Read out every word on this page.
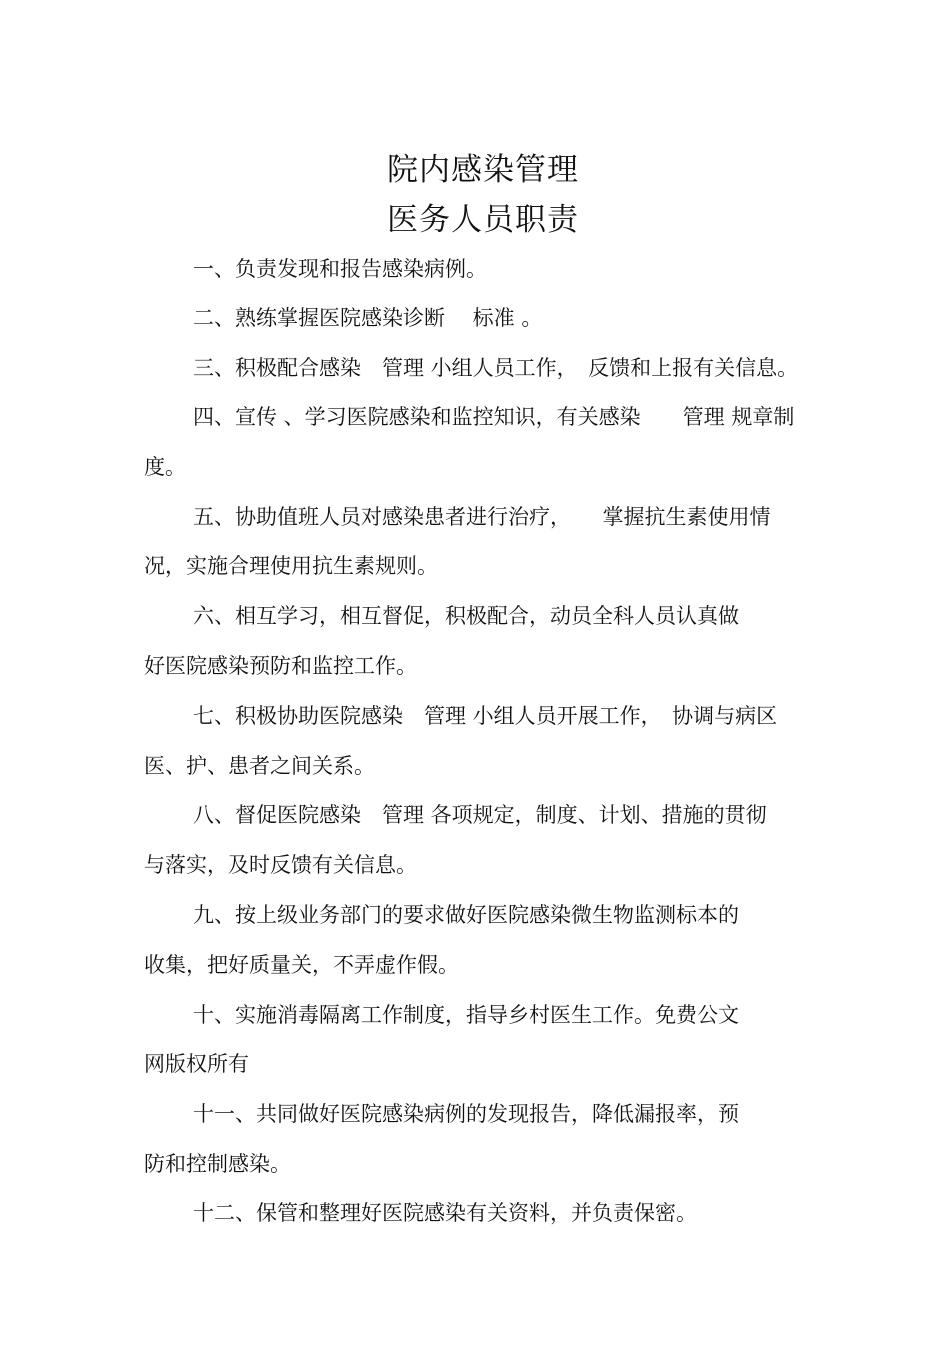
院内感染管理
医务人员职责
一、负责发现和报告感染病例。
二、熟练掌握医院感染诊断　 标准 。
三、积极配合感染　管理 小组人员工作，　反馈和上报有关信息。
四、宣传 、学习医院感染和监控知识，有关感染　　管理 规章制
度。
五、协助值班人员对感染患者进行治疗，　　掌握抗生素使用情
况，实施合理使用抗生素规则。
六、相互学习，相互督促，积极配合，动员全科人员认真做
好医院感染预防和监控工作。
七、积极协助医院感染　管理 小组人员开展工作，　协调与病区
医、护、患者之间关系。
八、督促医院感染　管理 各项规定，制度、计划、措施的贯彻
与落实，及时反馈有关信息。
九、按上级业务部门的要求做好医院感染微生物监测标本的
收集，把好质量关，不弄虚作假。
十、实施消毒隔离工作制度，指导乡村医生工作。免费公文
网版权所有
十一、共同做好医院感染病例的发现报告，降低漏报率，预
防和控制感染。
十二、保管和整理好医院感染有关资料，并负责保密。
